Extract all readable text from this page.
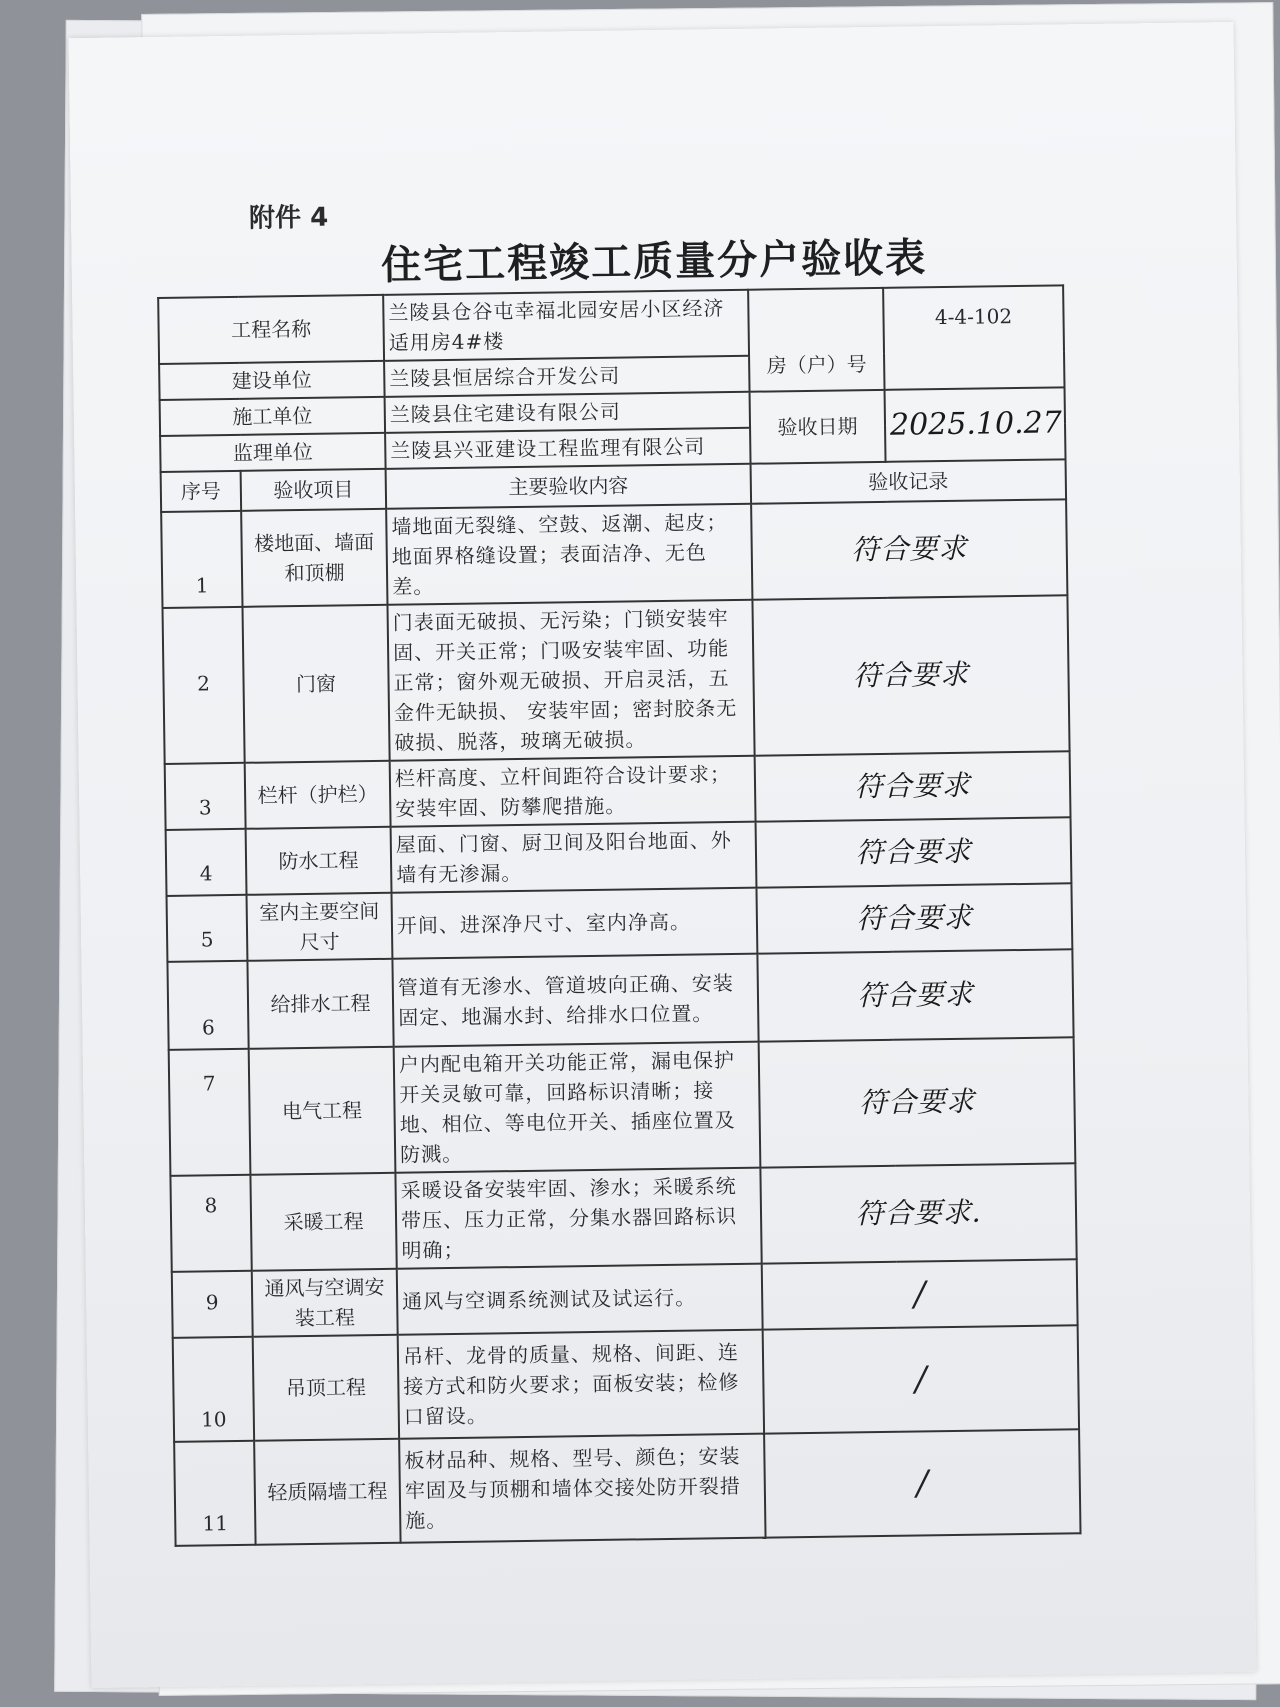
附件 4
住宅工程竣工质量分户验收表
工程名称		兰陵县仓谷屯幸福北园安居小区经济适用房4#楼	房（户）号	4-4-102
建设单位		兰陵县恒居综合开发公司		
施工单位		兰陵县住宅建设有限公司	验收日期	2025.10.27
监理单位		兰陵县兴亚建设工程监理有限公司		
序号	验收项目	主要验收内容	验收记录	
1	楼地面、墙面和顶棚	墙地面无裂缝、空鼓、返潮、起皮；地面界格缝设置；表面洁净、无色差。	符合要求	
2	门窗	门表面无破损、无污染；门锁安装牢固、开关正常；门吸安装牢固、功能正常；窗外观无破损、开启灵活，五金件无缺损、 安装牢固；密封胶条无破损、脱落，玻璃无破损。	符合要求	
3	栏杆（护栏）	栏杆高度、立杆间距符合设计要求；安装牢固、防攀爬措施。	符合要求	
4	防水工程	屋面、门窗、厨卫间及阳台地面、外墙有无渗漏。	符合要求	
5	室内主要空间尺寸	开间、进深净尺寸、室内净高。	符合要求	
6	给排水工程	管道有无渗水、管道坡向正确、安装固定、地漏水封、给排水口位置。	符合要求	
7	电气工程	户内配电箱开关功能正常，漏电保护开关灵敏可靠，回路标识清晰；接地、相位、等电位开关、插座位置及防溅。	符合要求	
8	采暖工程	采暖设备安装牢固、渗水；采暖系统带压、压力正常，分集水器回路标识明确；	符合要求.	
9	通风与空调安装工程	通风与空调系统测试及试运行。	/	
10	吊顶工程	吊杆、龙骨的质量、规格、间距、连接方式和防火要求；面板安装；检修口留设。	/	
11	轻质隔墙工程	板材品种、规格、型号、颜色；安装牢固及与顶棚和墙体交接处防开裂措施。	/	
